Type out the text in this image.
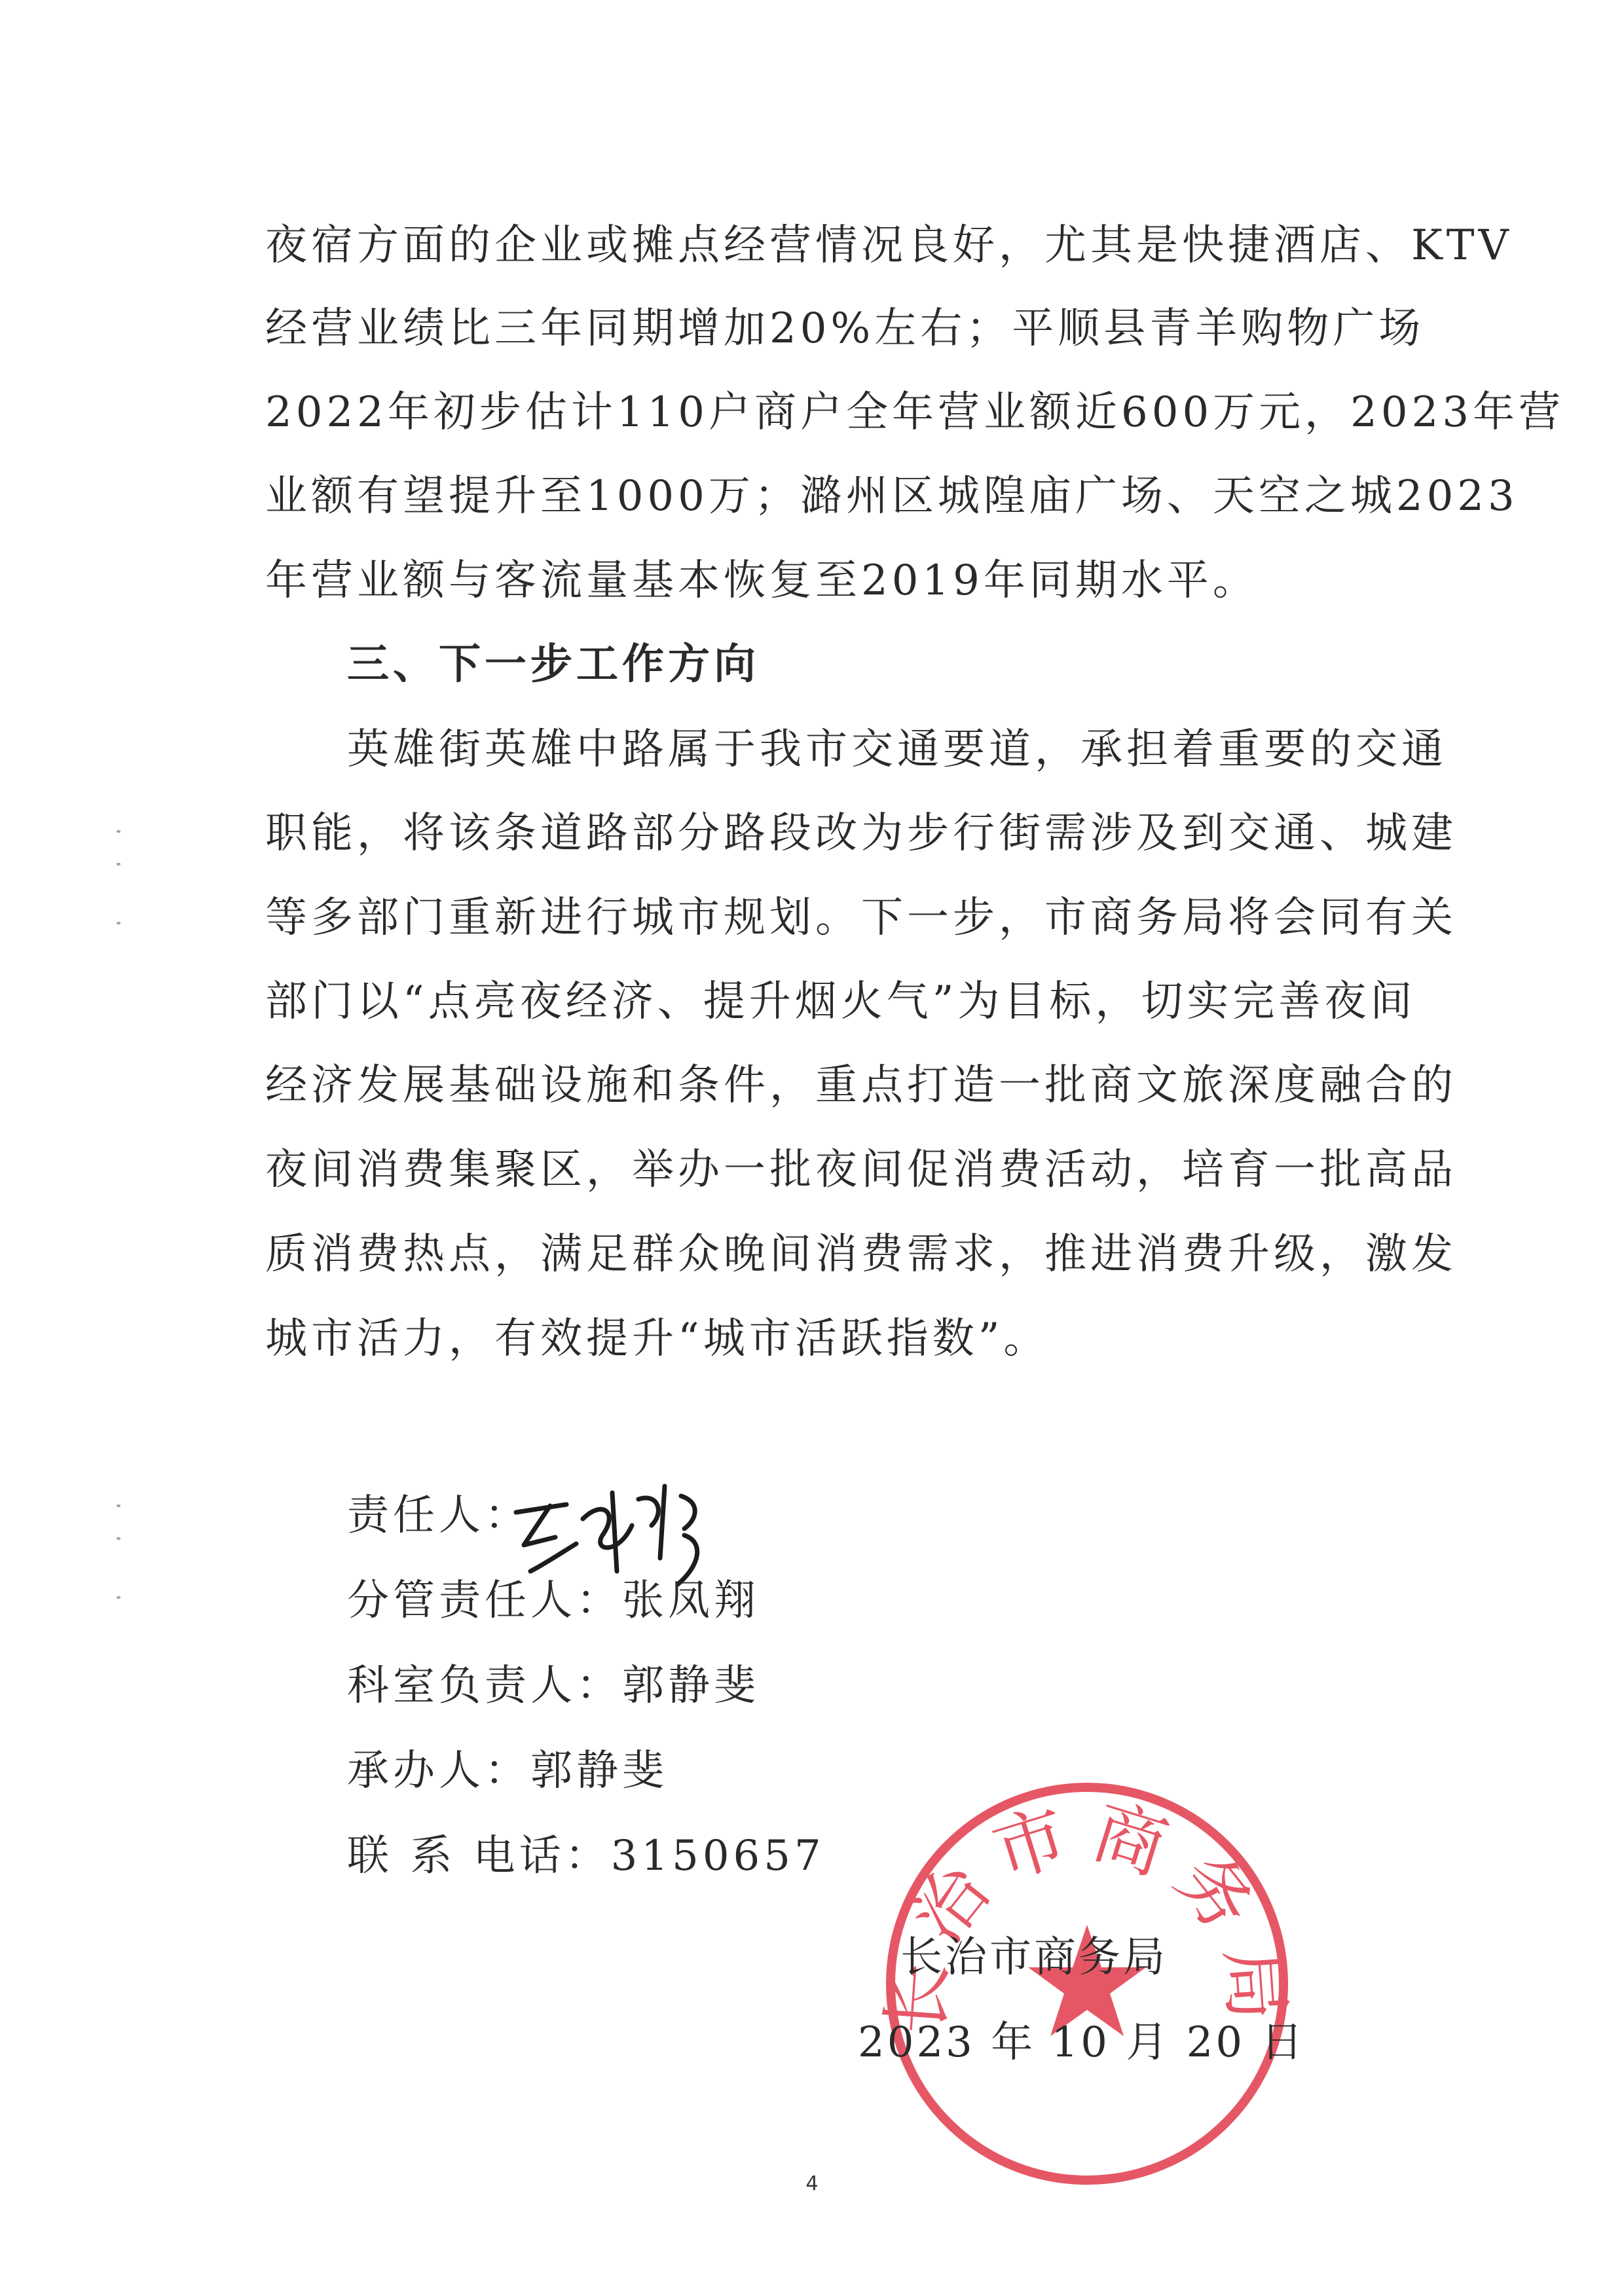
夜宿方面的企业或摊点经营情况良好，尤其是快捷酒店、KTV
经营业绩比三年同期增加20%左右；平顺县青羊购物广场
2022年初步估计110户商户全年营业额近600万元，2023年营
业额有望提升至1000万；潞州区城隍庙广场、天空之城2023
年营业额与客流量基本恢复至2019年同期水平。
三、下一步工作方向
英雄街英雄中路属于我市交通要道，承担着重要的交通
职能，将该条道路部分路段改为步行街需涉及到交通、城建
等多部门重新进行城市规划。下一步，市商务局将会同有关
部门以“点亮夜经济、提升烟火气”为目标，切实完善夜间
经济发展基础设施和条件，重点打造一批商文旅深度融合的
夜间消费集聚区，举办一批夜间促消费活动，培育一批高品
质消费热点，满足群众晚间消费需求，推进消费升级，激发
城市活力，有效提升“城市活跃指数”。
责任人：
分管责任人：张凤翔
科室负责人：郭静斐
承办人：郭静斐
联 系 电话：3150657
长治市商务局
长治市商务局
2023 年 10 月 20 日
4
